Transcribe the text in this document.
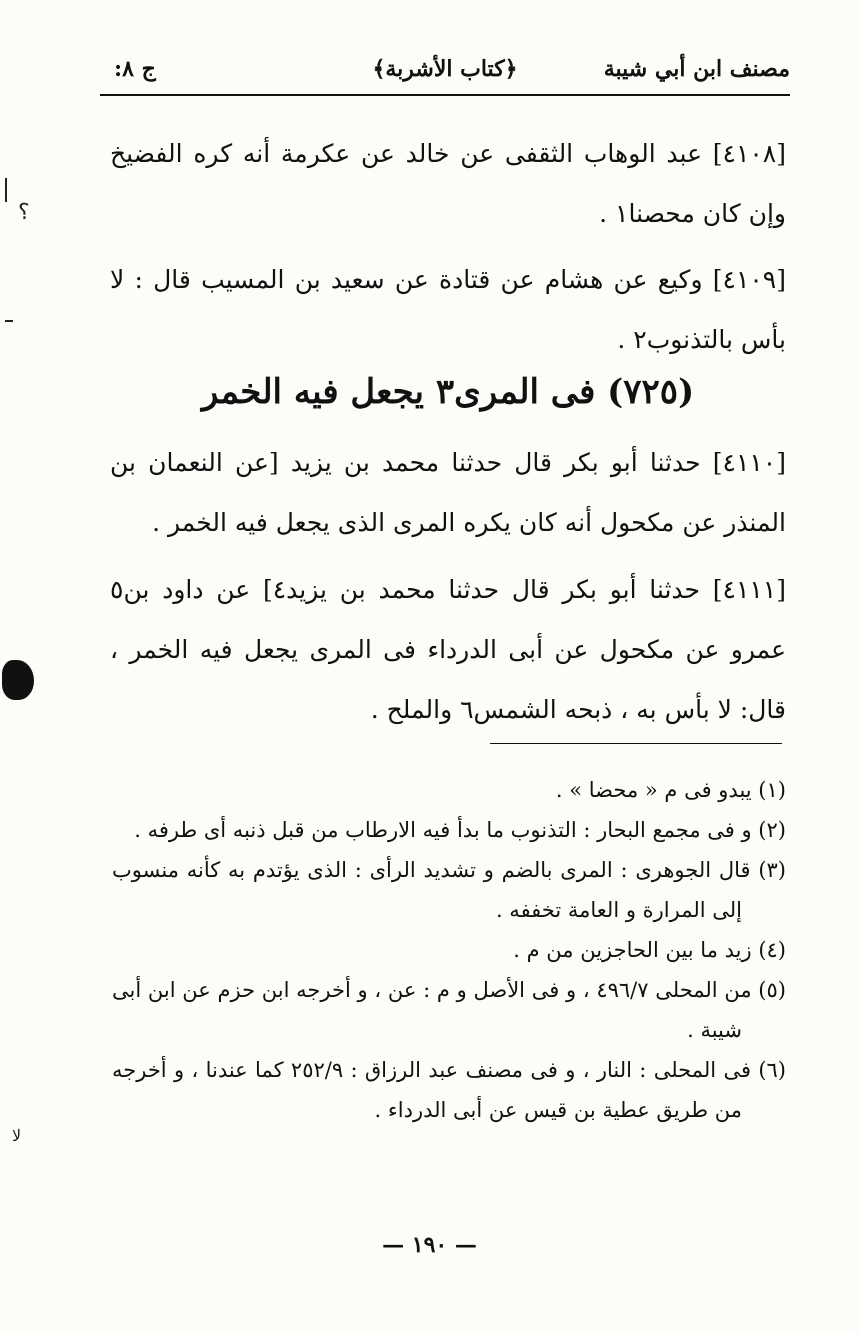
مصنف ابن أبي شيبة
﴿كتاب الأشربة﴾
ج ۸:

[٤١٠٨] عبد الوهاب الثقفى عن خالد عن عكرمة أنه كره الفضيخ وإن كان محصنا١ .

[٤١٠٩] وكيع عن هشام عن قتادة عن سعيد بن المسيب قال : لا بأس بالتذنوب٢ .

(٧٢٥) فى المرى٣ يجعل فيه الخمر

[٤١١٠] حدثنا أبو بكر قال حدثنا محمد بن يزيد [عن النعمان بن المنذر عن مكحول أنه كان يكره المرى الذى يجعل فيه الخمر .

[٤١١١] حدثنا أبو بكر قال حدثنا محمد بن يزيد٤] عن داود بن٥ عمرو عن مكحول عن أبى الدرداء فى المرى يجعل فيه الخمر ، قال: لا بأس به ، ذبحه الشمس٦ والملح .

(١) يبدو فى م « محضا » .

(٢) و فى مجمع البحار : التذنوب ما بدأ فيه الارطاب من قبل ذنبه أى طرفه .

(٣) قال الجوهرى : المرى بالضم و تشديد الرأى : الذى يؤتدم به كأنه منسوب إلى المرارة و العامة تخففه .

(٤) زيد ما بين الحاجزين من م .

(٥) من المحلى ٤٩٦/٧ ، و فى الأصل و م : عن ، و أخرجه ابن حزم عن ابن أبى شيبة .

(٦) فى المحلى : النار ، و فى مصنف عبد الرزاق : ٢٥٢/٩ كما عندنا ، و أخرجه من طريق عطية بن قيس عن أبى الدرداء .

— ١٩٠ —
؟
ﻻ
